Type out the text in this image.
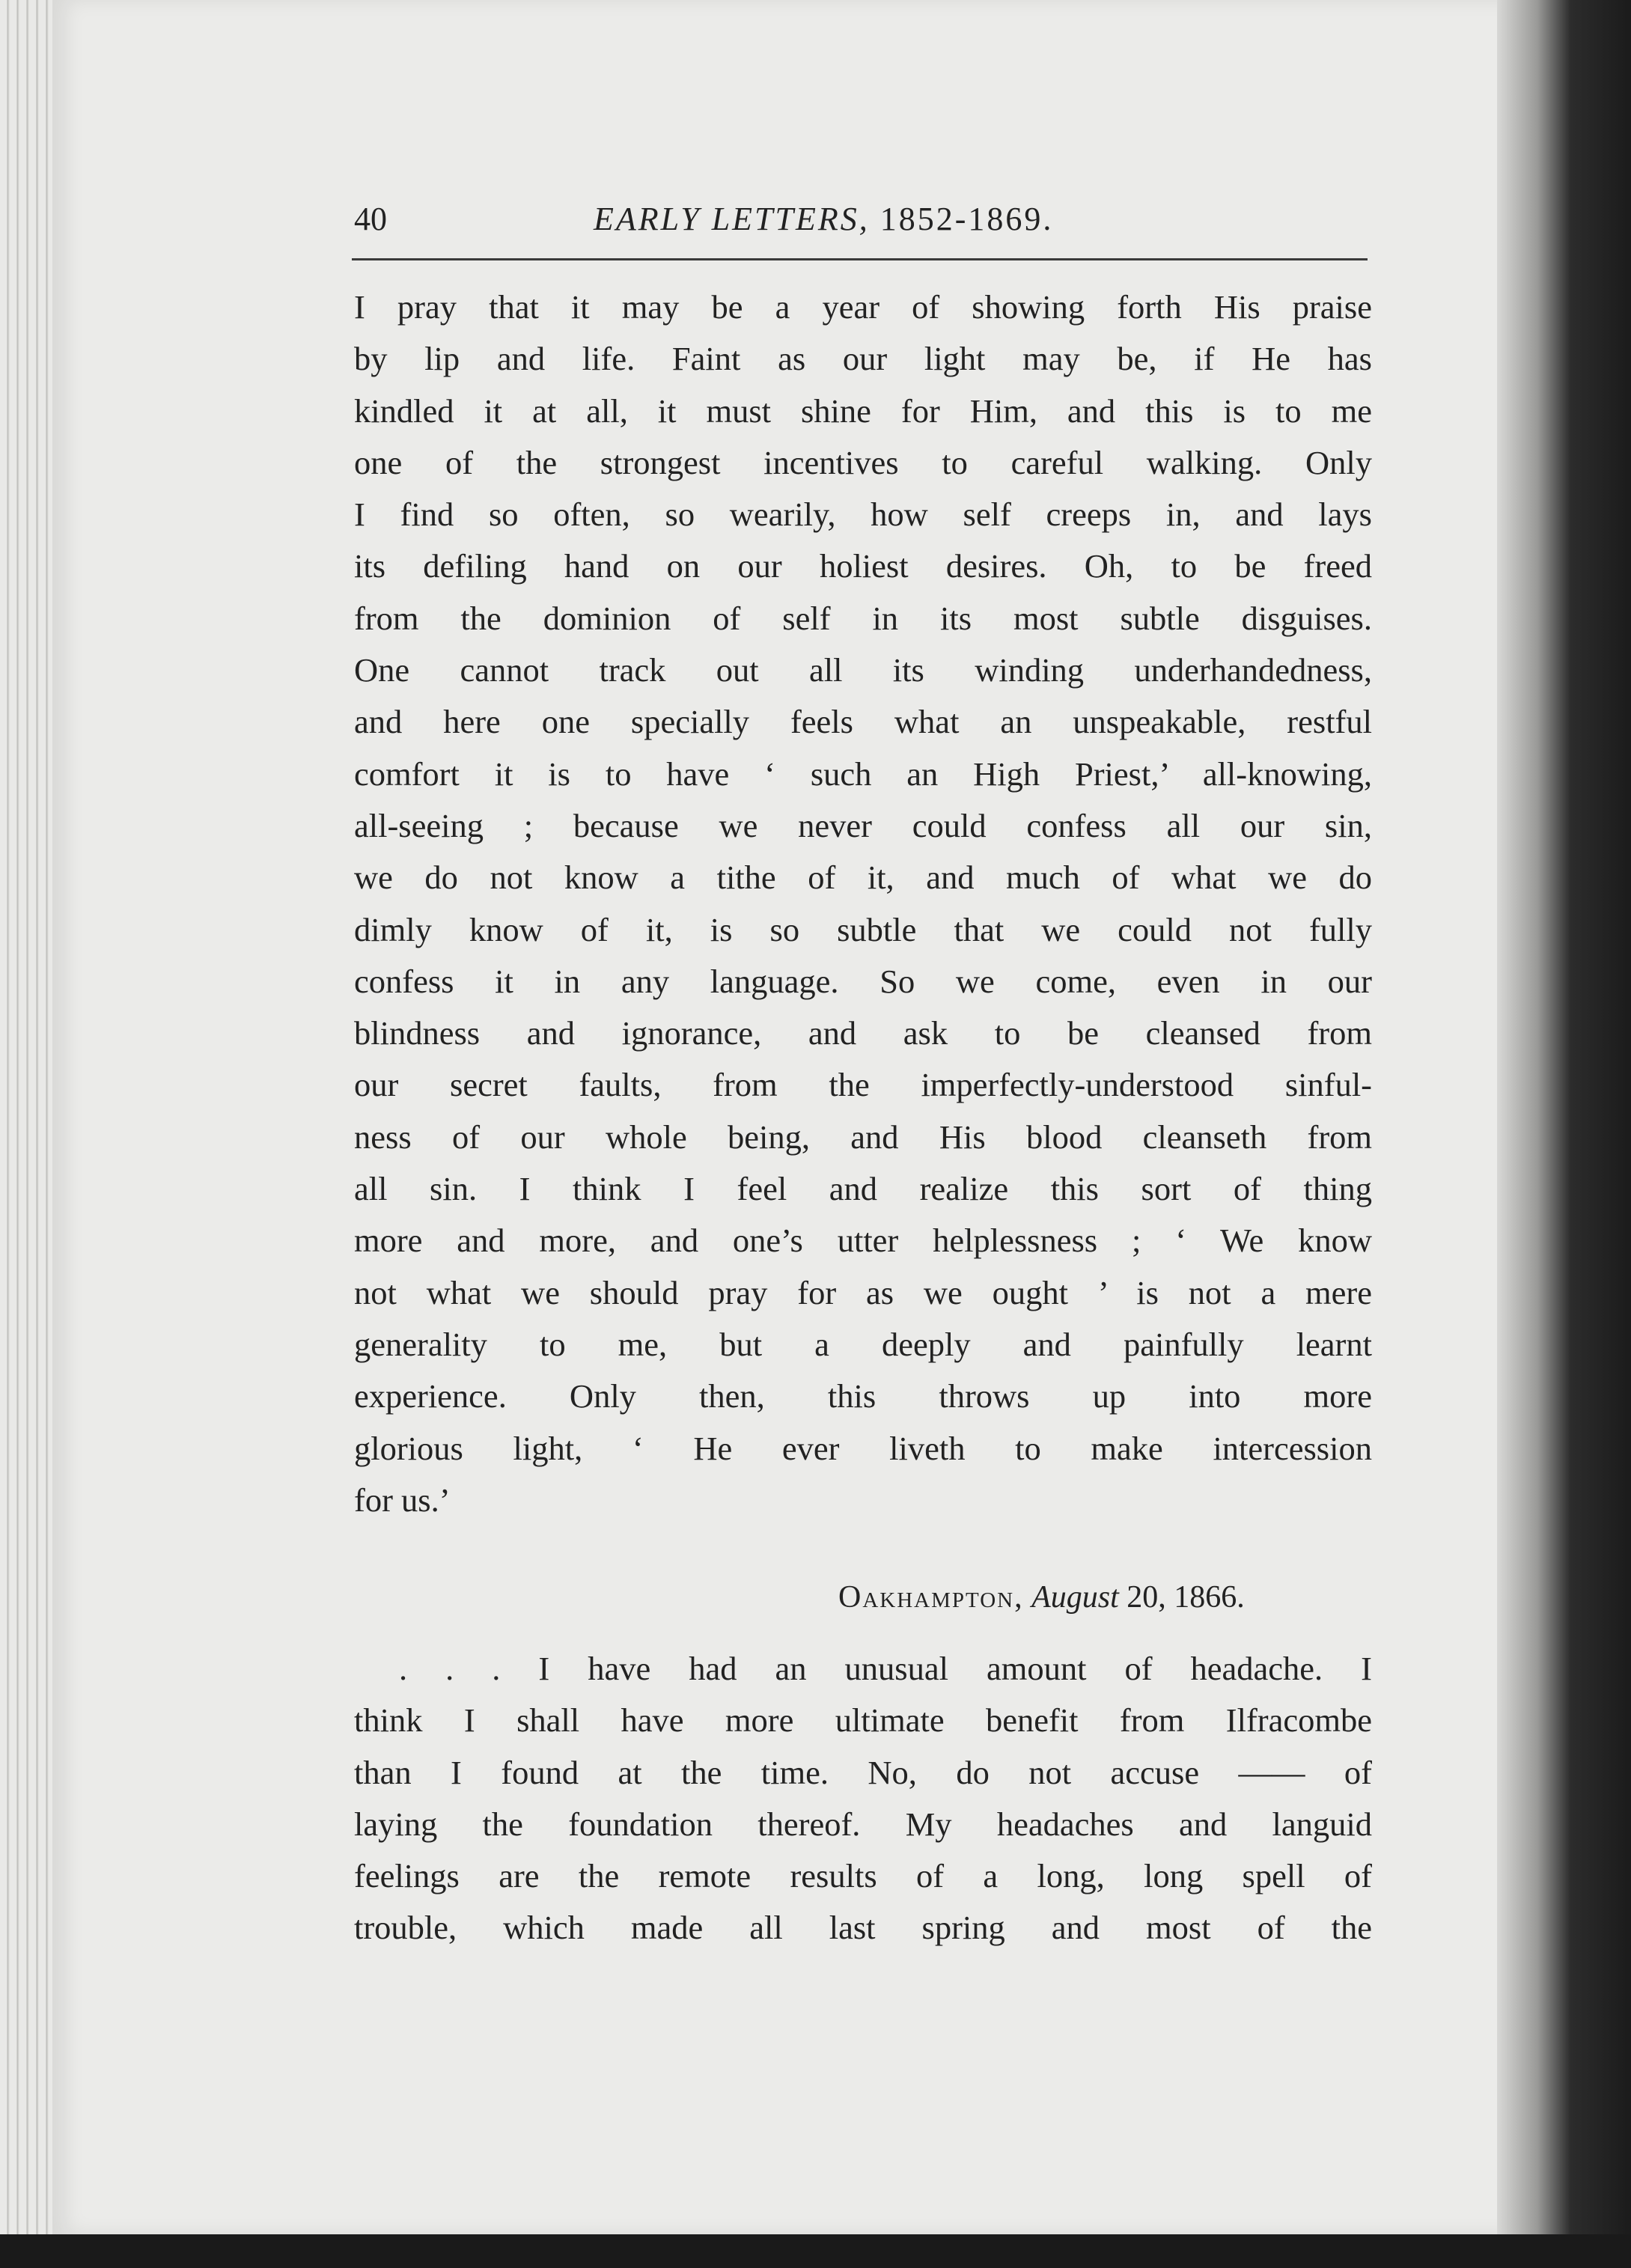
40	EARLY LETTERS, 1852-1869.
I pray that it may be a year of showing forth His praise
by lip and life. Faint as our light may be, if He has
kindled it at all, it must shine for Him, and this is to me
one of the strongest incentives to careful walking. Only
I find so often, so wearily, how self creeps in, and lays
its defiling hand on our holiest desires. Oh, to be freed
from the dominion of self in its most subtle disguises.
One cannot track out all its winding underhandedness,
and here one specially feels what an unspeakable, restful
comfort it is to have ‘ such an High Priest,’ all-knowing,
all-seeing ; because we never could confess all our sin,
we do not know a tithe of it, and much of what we do
dimly know of it, is so subtle that we could not fully
confess it in any language. So we come, even in our
blindness and ignorance, and ask to be cleansed from
our secret faults, from the imperfectly-understood sinful-
ness of our whole being, and His blood cleanseth from
all sin. I think I feel and realize this sort of thing
more and more, and one’s utter helplessness ; ‘ We know
not what we should pray for as we ought ’ is not a mere
generality to me, but a deeply and painfully learnt
experience. Only then, this throws up into more
glorious light, ‘ He ever liveth to make intercession
for us.’
Oakhampton, August 20, 1866.
. . . I have had an unusual amount of headache. I
think I shall have more ultimate benefit from Ilfracombe
than I found at the time. No, do not accuse —— of
laying the foundation thereof. My headaches and languid
feelings are the remote results of a long, long spell of
trouble, which made all last spring and most of the
